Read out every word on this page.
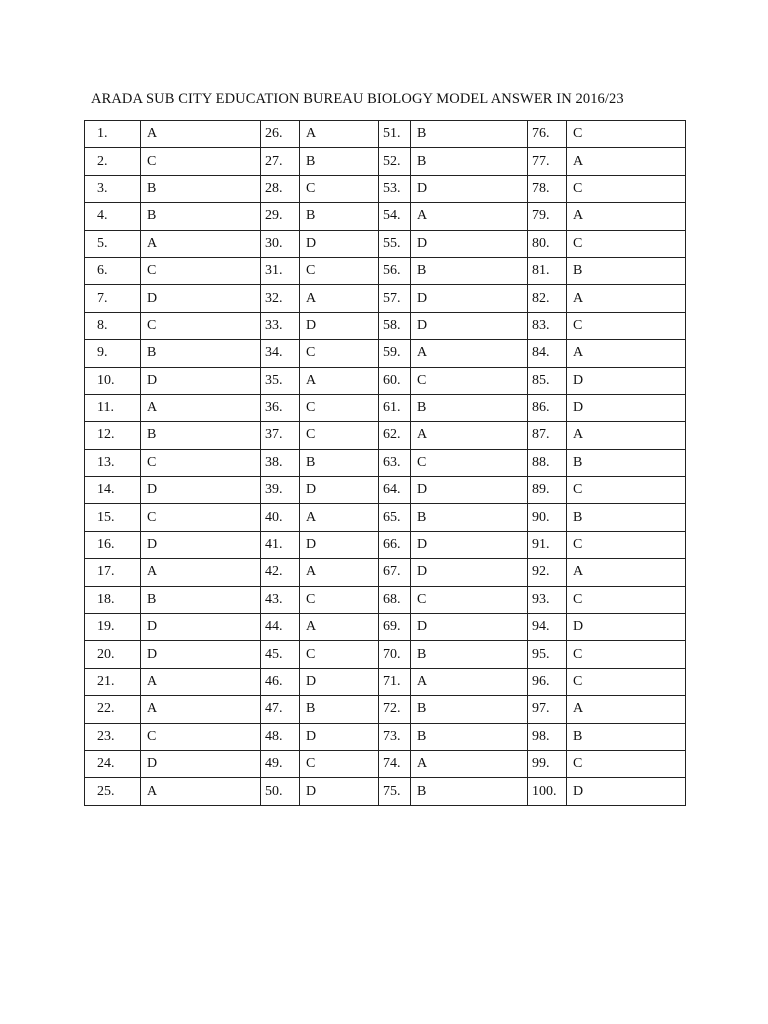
ARADA SUB CITY EDUCATION BUREAU BIOLOGY MODEL ANSWER IN 2016/23
1.	A	26.	A	51.	B	76.	C
2.	C	27.	B	52.	B	77.	A
3.	B	28.	C	53.	D	78.	C
4.	B	29.	B	54.	A	79.	A
5.	A	30.	D	55.	D	80.	C
6.	C	31.	C	56.	B	81.	B
7.	D	32.	A	57.	D	82.	A
8.	C	33.	D	58.	D	83.	C
9.	B	34.	C	59.	A	84.	A
10.	D	35.	A	60.	C	85.	D
11.	A	36.	C	61.	B	86.	D
12.	B	37.	C	62.	A	87.	A
13.	C	38.	B	63.	C	88.	B
14.	D	39.	D	64.	D	89.	C
15.	C	40.	A	65.	B	90.	B
16.	D	41.	D	66.	D	91.	C
17.	A	42.	A	67.	D	92.	A
18.	B	43.	C	68.	C	93.	C
19.	D	44.	A	69.	D	94.	D
20.	D	45.	C	70.	B	95.	C
21.	A	46.	D	71.	A	96.	C
22.	A	47.	B	72.	B	97.	A
23.	C	48.	D	73.	B	98.	B
24.	D	49.	C	74.	A	99.	C
25.	A	50.	D	75.	B	100.	D
